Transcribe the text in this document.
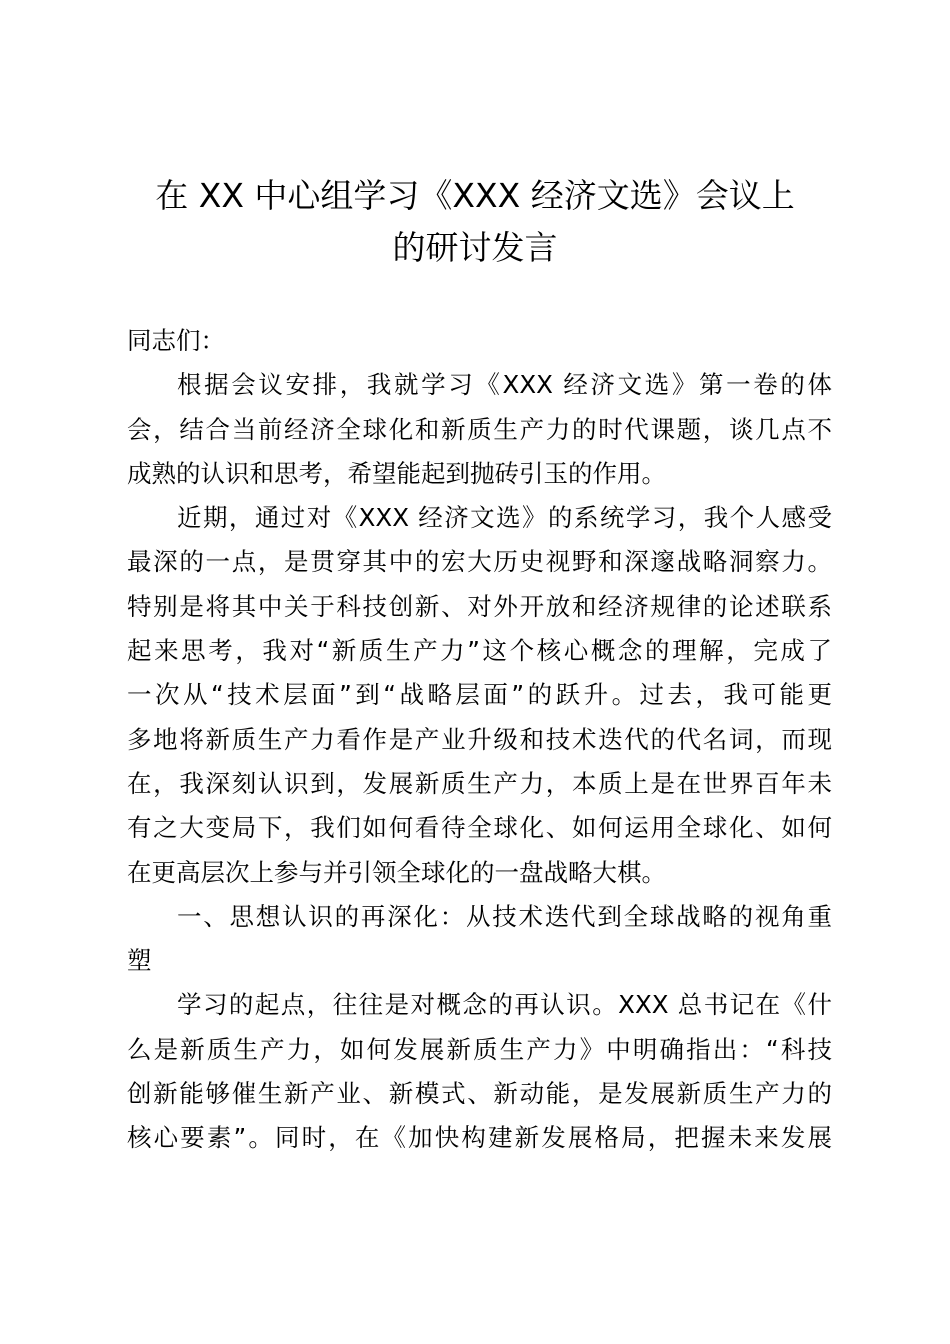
在 XX 中心组学习《XXX 经济文选》会议上
的研讨发言
同志们：
根据会议安排，我就学习《XXX 经济文选》第一卷的体
会，结合当前经济全球化和新质生产力的时代课题，谈几点不
成熟的认识和思考，希望能起到抛砖引玉的作用。
近期，通过对《XXX 经济文选》的系统学习，我个人感受
最深的一点，是贯穿其中的宏大历史视野和深邃战略洞察力。
特别是将其中关于科技创新、对外开放和经济规律的论述联系
起来思考，我对“新质生产力”这个核心概念的理解，完成了
一次从“技术层面”到“战略层面”的跃升。过去，我可能更
多地将新质生产力看作是产业升级和技术迭代的代名词，而现
在，我深刻认识到，发展新质生产力，本质上是在世界百年未
有之大变局下，我们如何看待全球化、如何运用全球化、如何
在更高层次上参与并引领全球化的一盘战略大棋。
一、思想认识的再深化：从技术迭代到全球战略的视角重
塑
学习的起点，往往是对概念的再认识。XXX 总书记在《什
么是新质生产力，如何发展新质生产力》中明确指出：“科技
创新能够催生新产业、新模式、新动能，是发展新质生产力的
核心要素”。同时，在《加快构建新发展格局，把握未来发展
